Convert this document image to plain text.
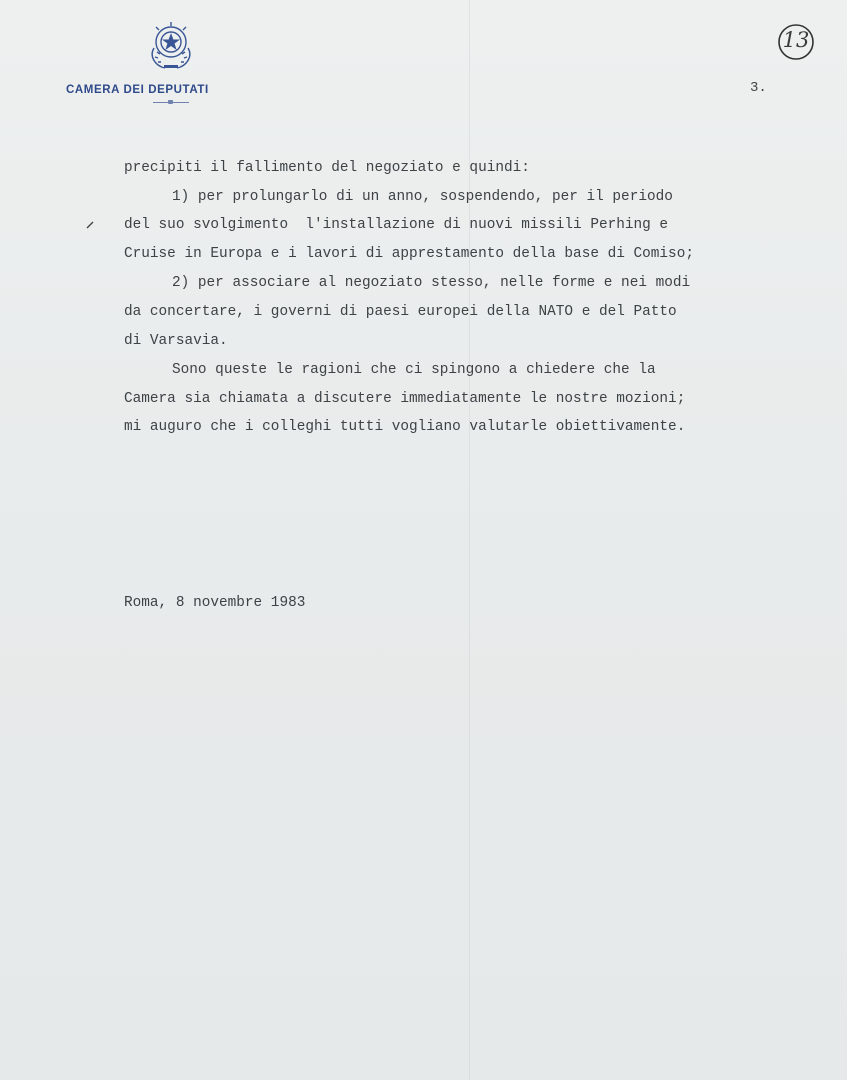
CAMERA DEI DEPUTATI	3.
13
precipiti il fallimento del negoziato e quindi:
1) per prolungarlo di un anno, sospendendo, per il periodo
del suo svolgimento  l'installazione di nuovi missili Perhing e
Cruise in Europa e i lavori di apprestamento della base di Comiso;
2) per associare al negoziato stesso, nelle forme e nei modi
da concertare, i governi di paesi europei della NATO e del Patto
di Varsavia.
Sono queste le ragioni che ci spingono a chiedere che la
Camera sia chiamata a discutere immediatamente le nostre mozioni;
mi auguro che i colleghi tutti vogliano valutarle obiettivamente.
Roma, 8 novembre 1983
